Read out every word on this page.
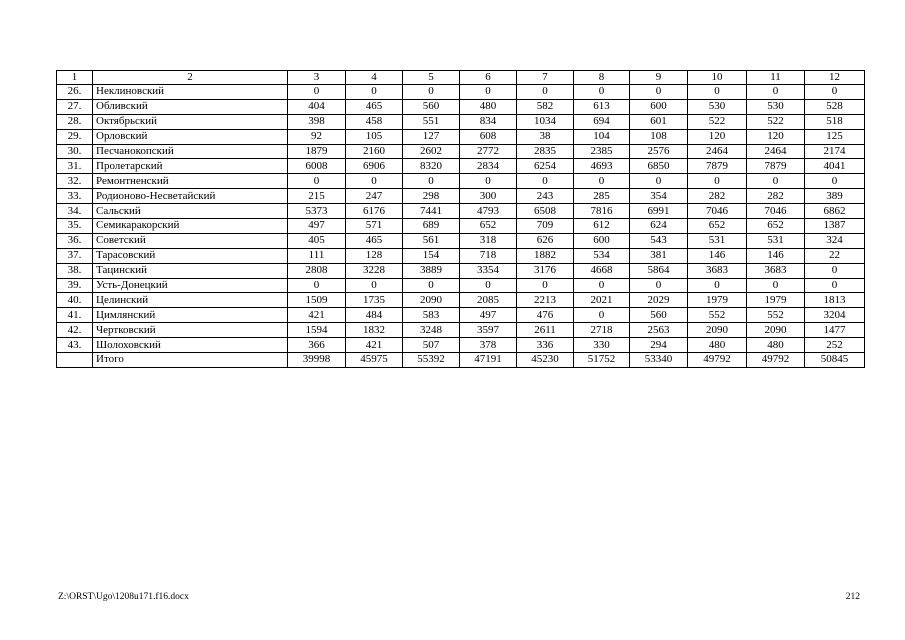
1	2	3	4	5	6	7	8	9	10	11	12
26.	Неклиновский	0	0	0	0	0	0	0	0	0	0
27.	Обливский	404	465	560	480	582	613	600	530	530	528
28.	Октябрьский	398	458	551	834	1034	694	601	522	522	518
29.	Орловский	92	105	127	608	38	104	108	120	120	125
30.	Песчанокопский	1879	2160	2602	2772	2835	2385	2576	2464	2464	2174
31.	Пролетарский	6008	6906	8320	2834	6254	4693	6850	7879	7879	4041
32.	Ремонтненский	0	0	0	0	0	0	0	0	0	0
33.	Родионово-Несветайский	215	247	298	300	243	285	354	282	282	389
34.	Сальский	5373	6176	7441	4793	6508	7816	6991	7046	7046	6862
35.	Семикаракорский	497	571	689	652	709	612	624	652	652	1387
36.	Советский	405	465	561	318	626	600	543	531	531	324
37.	Тарасовский	111	128	154	718	1882	534	381	146	146	22
38.	Тацинский	2808	3228	3889	3354	3176	4668	5864	3683	3683	0
39.	Усть-Донецкий	0	0	0	0	0	0	0	0	0	0
40.	Целинский	1509	1735	2090	2085	2213	2021	2029	1979	1979	1813
41.	Цимлянский	421	484	583	497	476	0	560	552	552	3204
42.	Чертковский	1594	1832	3248	3597	2611	2718	2563	2090	2090	1477
43.	Шолоховский	366	421	507	378	336	330	294	480	480	252
	Итого	39998	45975	55392	47191	45230	51752	53340	49792	49792	50845
Z:\ORST\Ugo\1208u171.f16.docx	212
